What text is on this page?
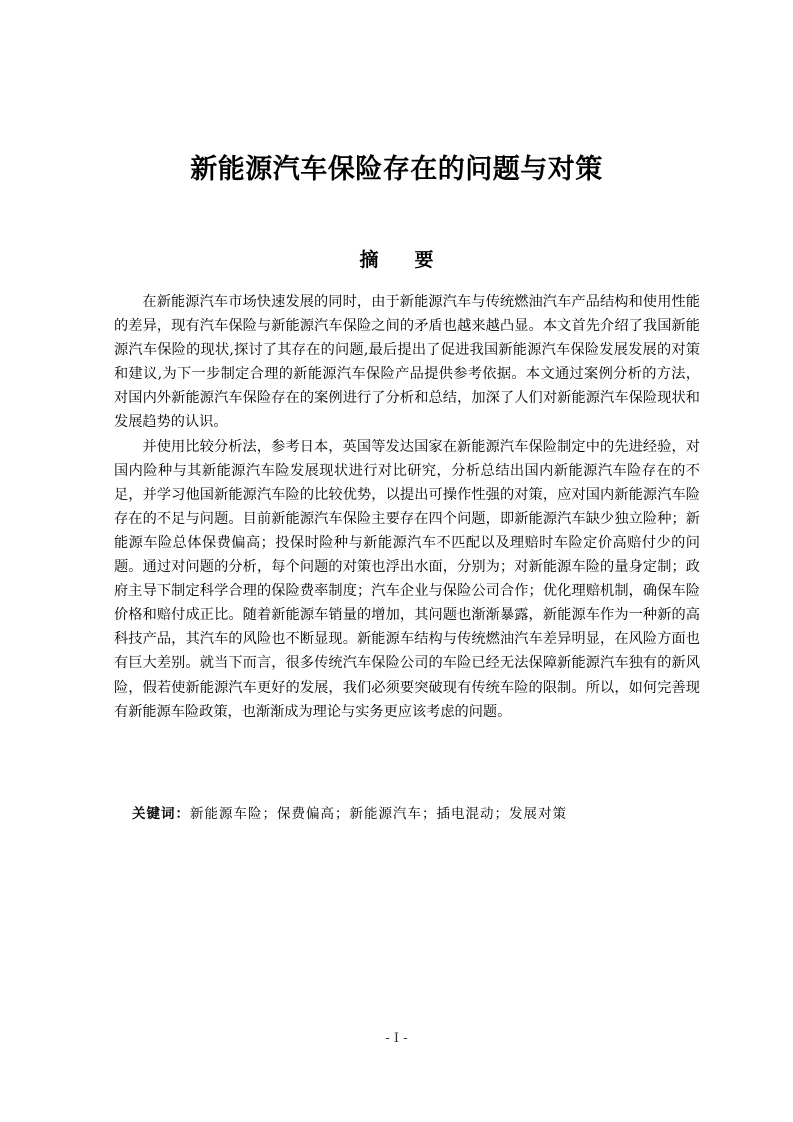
新能源汽车保险存在的问题与对策
摘要

在新能源汽车市场快速发展的同时，由于新能源汽车与传统燃油汽车产品结构和使用性能的差异，现有汽车保险与新能源汽车保险之间的矛盾也越来越凸显。本文首先介绍了我国新能源汽车保险的现状,探讨了其存在的问题,最后提出了促进我国新能源汽车保险发展发展的对策和建议,为下一步制定合理的新能源汽车保险产品提供参考依据。本文通过案例分析的方法，对国内外新能源汽车保险存在的案例进行了分析和总结，加深了人们对新能源汽车保险现状和发展趋势的认识。

并使用比较分析法，参考日本，英国等发达国家在新能源汽车保险制定中的先进经验，对国内险种与其新能源汽车险发展现状进行对比研究，分析总结出国内新能源汽车险存在的不足，并学习他国新能源汽车险的比较优势，以提出可操作性强的对策，应对国内新能源汽车险存在的不足与问题。目前新能源汽车保险主要存在四个问题，即新能源汽车缺少独立险种；新能源车险总体保费偏高；投保时险种与新能源汽车不匹配以及理赔时车险定价高赔付少的问题。通过对问题的分析，每个问题的对策也浮出水面，分别为；对新能源车险的量身定制；政府主导下制定科学合理的保险费率制度；汽车企业与保险公司合作；优化理赔机制，确保车险价格和赔付成正比。随着新能源车销量的增加，其问题也渐渐暴露，新能源车作为一种新的高科技产品，其汽车的风险也不断显现。新能源车结构与传统燃油汽车差异明显，在风险方面也有巨大差别。就当下而言，很多传统汽车保险公司的车险已经无法保障新能源汽车独有的新风险，假若使新能源汽车更好的发展，我们必须要突破现有传统车险的限制。所以，如何完善现有新能源车险政策，也渐渐成为理论与实务更应该考虑的问题。

关键词：新能源车险；保费偏高；新能源汽车；插电混动；发展对策
- I -
